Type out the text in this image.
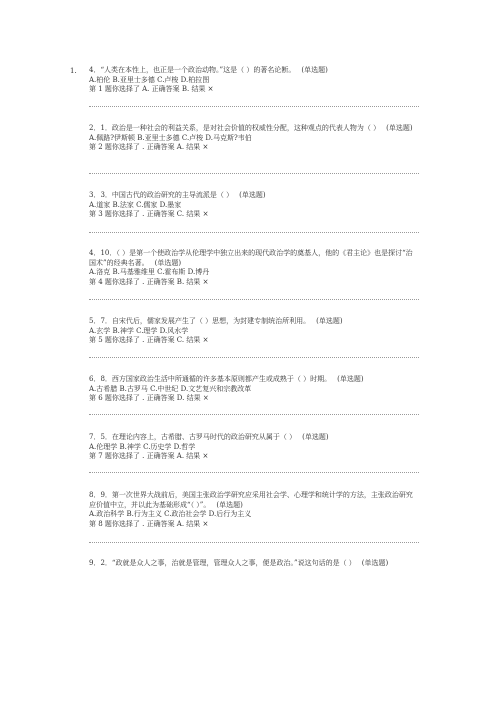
1. 4．“人类在本性上，也正是一个政治动物。”这是（ ）的著名论断。 (单选题)

A.柏伦 B.亚里士多德 C.卢梭 D.柏拉图

第 1 题你选择了 A. 正确答案 B. 结果 ×

2．1．政治是一种社会的利益关系，是对社会价值的权威性分配，这种观点的代表人物为（ ） (单选题)

A.佩路?伊斯顿 B.亚里士多德 C.卢梭 D.马克斯?韦伯

第 2 题你选择了 . 正确答案 A. 结果 ×

3．3．中国古代的政治研究的主导流派是（ ） (单选题)

A.道家 B.法家 C.儒家 D.墨家

第 3 题你选择了 . 正确答案 C. 结果 ×

4．10．（ ）是第一个使政治学从伦理学中独立出来的现代政治学的奠基人，他的《君主论》也是探讨“治国术”的经典名著。 (单选题)

A.洛克 B.马基雅维里 C.霍布斯 D.博丹

第 4 题你选择了 . 正确答案 B. 结果 ×

5．7．自宋代后，儒家发展产生了（ ）思想，为封建专制统治所利用。 (单选题)

A.玄学 B.神学 C.理学 D.风水学

第 5 题你选择了 . 正确答案 C. 结果 ×

6．8．西方国家政治生活中所通循的许多基本原则都产生或成熟于（ ）时期。 (单选题)

A.古希腊 B.古罗马 C.中世纪 D.文艺复兴和宗教改革

第 6 题你选择了 . 正确答案 D. 结果 ×

7．5．在理论内容上，古希腊、古罗马时代的政治研究从属于（ ） (单选题)

A.伦理学 B.神学 C.历史学 D.哲学

第 7 题你选择了 . 正确答案 A. 结果 ×

8．9．第一次世界大战前后，美国主张政治学研究应采用社会学、心理学和统计学的方法，主张政治研究应价值中立，并以此为基础形成“（ ）”。 (单选题)

A.政治科学 B.行为主义 C.政治社会学 D.后行为主义

第 8 题你选择了 . 正确答案 A. 结果 ×

9．2．“政就是众人之事，治就是管理，管理众人之事，便是政治。”说这句话的是（ ） (单选题)
